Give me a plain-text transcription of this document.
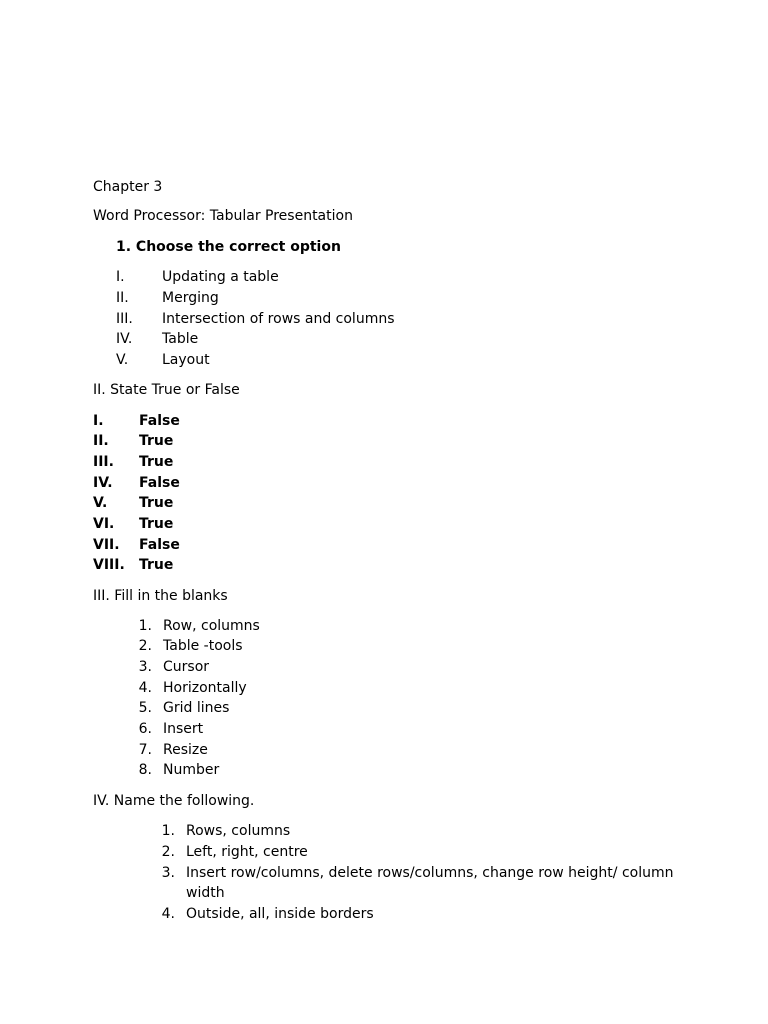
Chapter 3
Word Processor: Tabular Presentation
1. Choose the correct option
I.	Updating a table
II. Merging
III. Intersection of rows and columns
IV. Table
V. Layout
II. State True or False
I.	False
II. True
III. True
IV. False
V. True
VI. True
VII. False
VIII. True
III. Fill in the blanks
1. Row, columns
2. Table -tools
3. Cursor
4. Horizontally
5. Grid lines
6. Insert
7. Resize
8. Number
IV. Name the following.
1. Rows, columns
2. Left, right, centre
3. Insert row/columns, delete rows/columns, change row height/ column
width
4. Outside, all, inside borders
